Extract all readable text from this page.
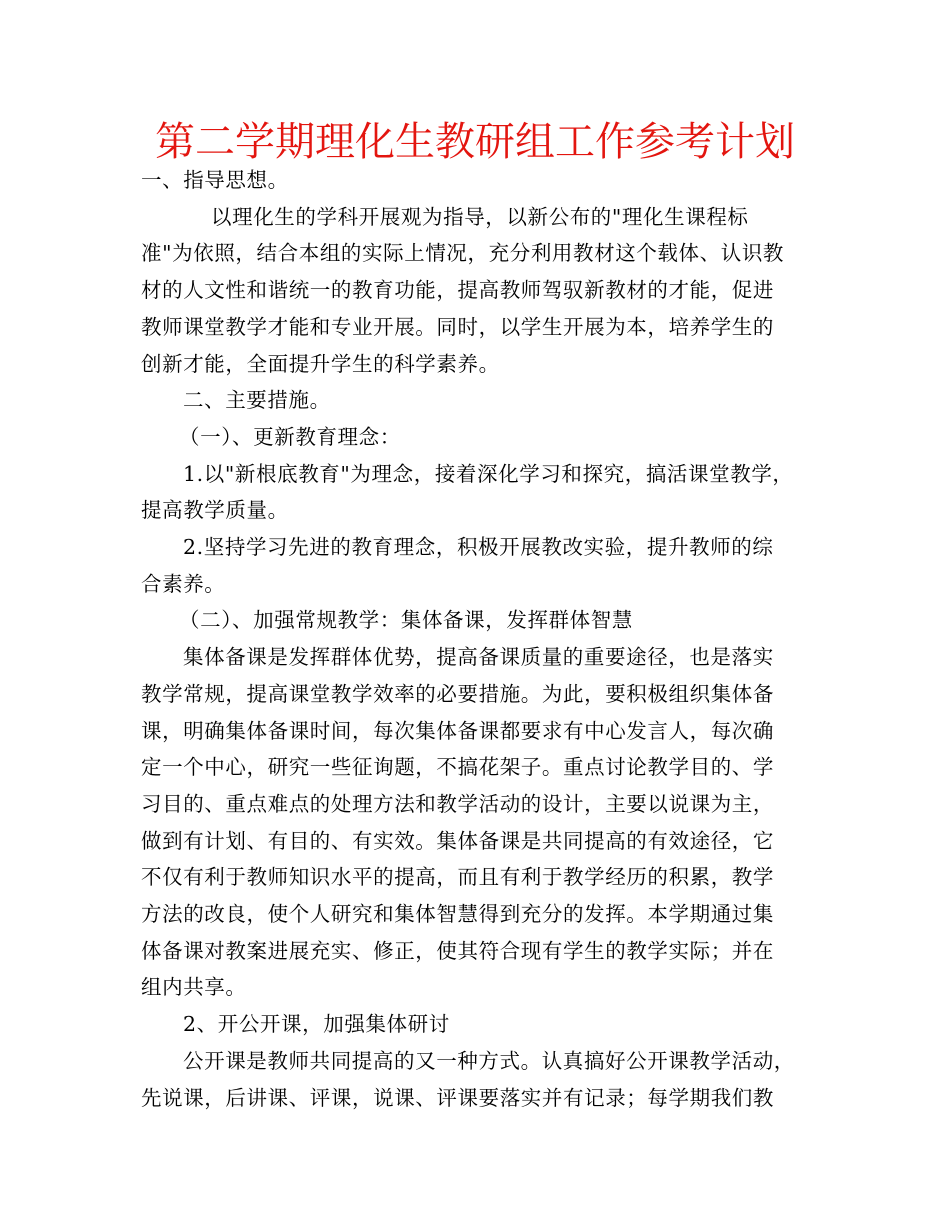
第二学期理化生教研组工作参考计划

一、指导思想。

以理化生的学科开展观为指导，以新公布的"理化生课程标

准"为依照，结合本组的实际上情况，充分利用教材这个载体、认识教

材的人文性和谐统一的教育功能，提高教师驾驭新教材的才能，促进

教师课堂教学才能和专业开展。同时，以学生开展为本，培养学生的

创新才能，全面提升学生的科学素养。

二、主要措施。

（一）、更新教育理念：

1.以"新根底教育"为理念，接着深化学习和探究，搞活课堂教学，

提高教学质量。

2.坚持学习先进的教育理念，积极开展教改实验，提升教师的综

合素养。

（二）、加强常规教学：集体备课，发挥群体智慧

集体备课是发挥群体优势，提高备课质量的重要途径，也是落实

教学常规，提高课堂教学效率的必要措施。为此，要积极组织集体备

课，明确集体备课时间，每次集体备课都要求有中心发言人，每次确

定一个中心，研究一些征询题，不搞花架子。重点讨论教学目的、学

习目的、重点难点的处理方法和教学活动的设计，主要以说课为主，

做到有计划、有目的、有实效。集体备课是共同提高的有效途径，它

不仅有利于教师知识水平的提高，而且有利于教学经历的积累，教学

方法的改良，使个人研究和集体智慧得到充分的发挥。本学期通过集

体备课对教案进展充实、修正，使其符合现有学生的教学实际；并在

组内共享。

2、开公开课，加强集体研讨

公开课是教师共同提高的又一种方式。认真搞好公开课教学活动，

先说课，后讲课、评课，说课、评课要落实并有记录；每学期我们教
